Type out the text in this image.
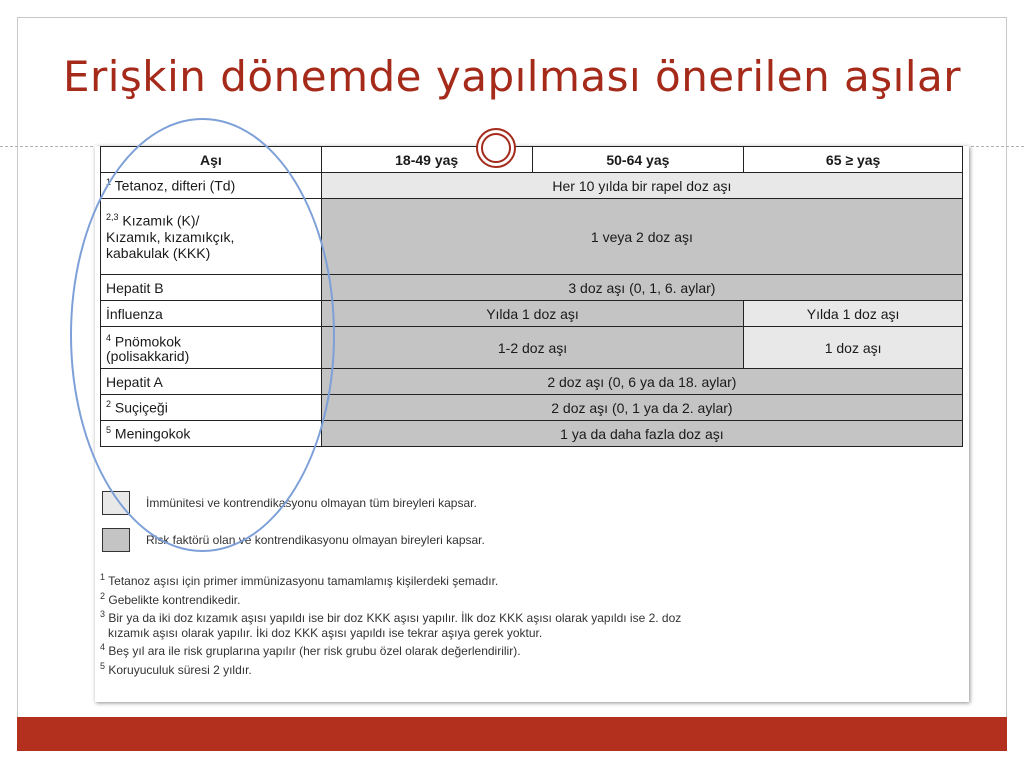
Erişkin dönemde yapılması önerilen aşılar
Aşı	18-49 yaş	50-64 yaş	65 ≥ yaş
$^1$ Tetanoz, difteri (Td)	Her 10 yılda bir rapel doz aşı		
$^{2,3}$ Kızamık (K)/
Kızamık, kızamıkçık,
kabakulak (KKK)	1 veya 2 doz aşı		
Hepatit B	3 doz aşı (0, 1, 6. aylar)		
İnfluenza	Yılda 1 doz aşı		Yılda 1 doz aşı
$^4$ Pnömokok
(polisakkarid)	1-2 doz aşı		1 doz aşı
Hepatit A	2 doz aşı (0, 6 ya da 18. aylar)		
$^2$ Suçiçeği	2 doz aşı (0, 1 ya da 2. aylar)		
$^5$ Meningokok	1 ya da daha fazla doz aşı		
İmmünitesi ve kontrendikasyonu olmayan tüm bireyleri kapsar.
Risk faktörü olan ve kontrendikasyonu olmayan bireyleri kapsar.
$^1$ Tetanoz aşısı için primer immünizasyonu tamamlamış kişilerdeki şemadır.
$^2$ Gebelikte kontrendikedir.
$^3$ Bir ya da iki doz kızamık aşısı yapıldı ise bir doz KKK aşısı yapılır. İlk doz KKK aşısı olarak yapıldı ise 2. doz
kızamık aşısı olarak yapılır. İki doz KKK aşısı yapıldı ise tekrar aşıya gerek yoktur.
$^4$ Beş yıl ara ile risk gruplarına yapılır (her risk grubu özel olarak değerlendirilir).
$^5$ Koruyuculuk süresi 2 yıldır.
